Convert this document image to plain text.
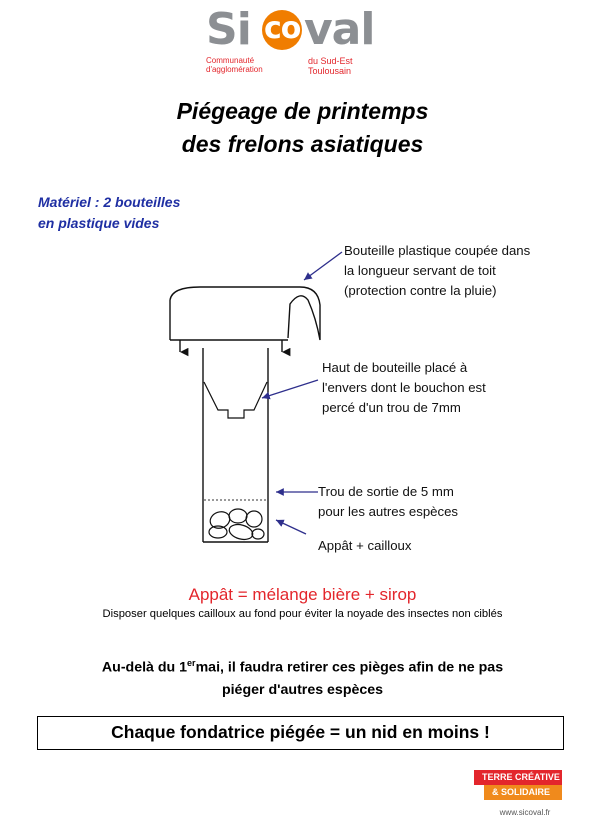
Si co val
Communauté
d'agglomération
du Sud-Est
Toulousain
Piégeage de printemps
des frelons asiatiques
Matériel : 2 bouteilles
en plastique vides
Bouteille plastique coupée dans
la longueur servant de toit
(protection contre la pluie)
Haut de bouteille placé à
l'envers dont le bouchon est
percé d'un trou de 7mm
Trou de sortie de 5 mm
pour les autres espèces
Appât + cailloux
Appât = mélange bière + sirop
Disposer quelques cailloux au fond pour éviter la noyade des insectes non ciblés
Au-delà du 1ermai, il faudra retirer ces pièges afin de ne pas
piéger d'autres espèces
Chaque fondatrice piégée = un nid en moins !
TERRE CRÉATIVE
& SOLIDAIRE
www.sicoval.fr
